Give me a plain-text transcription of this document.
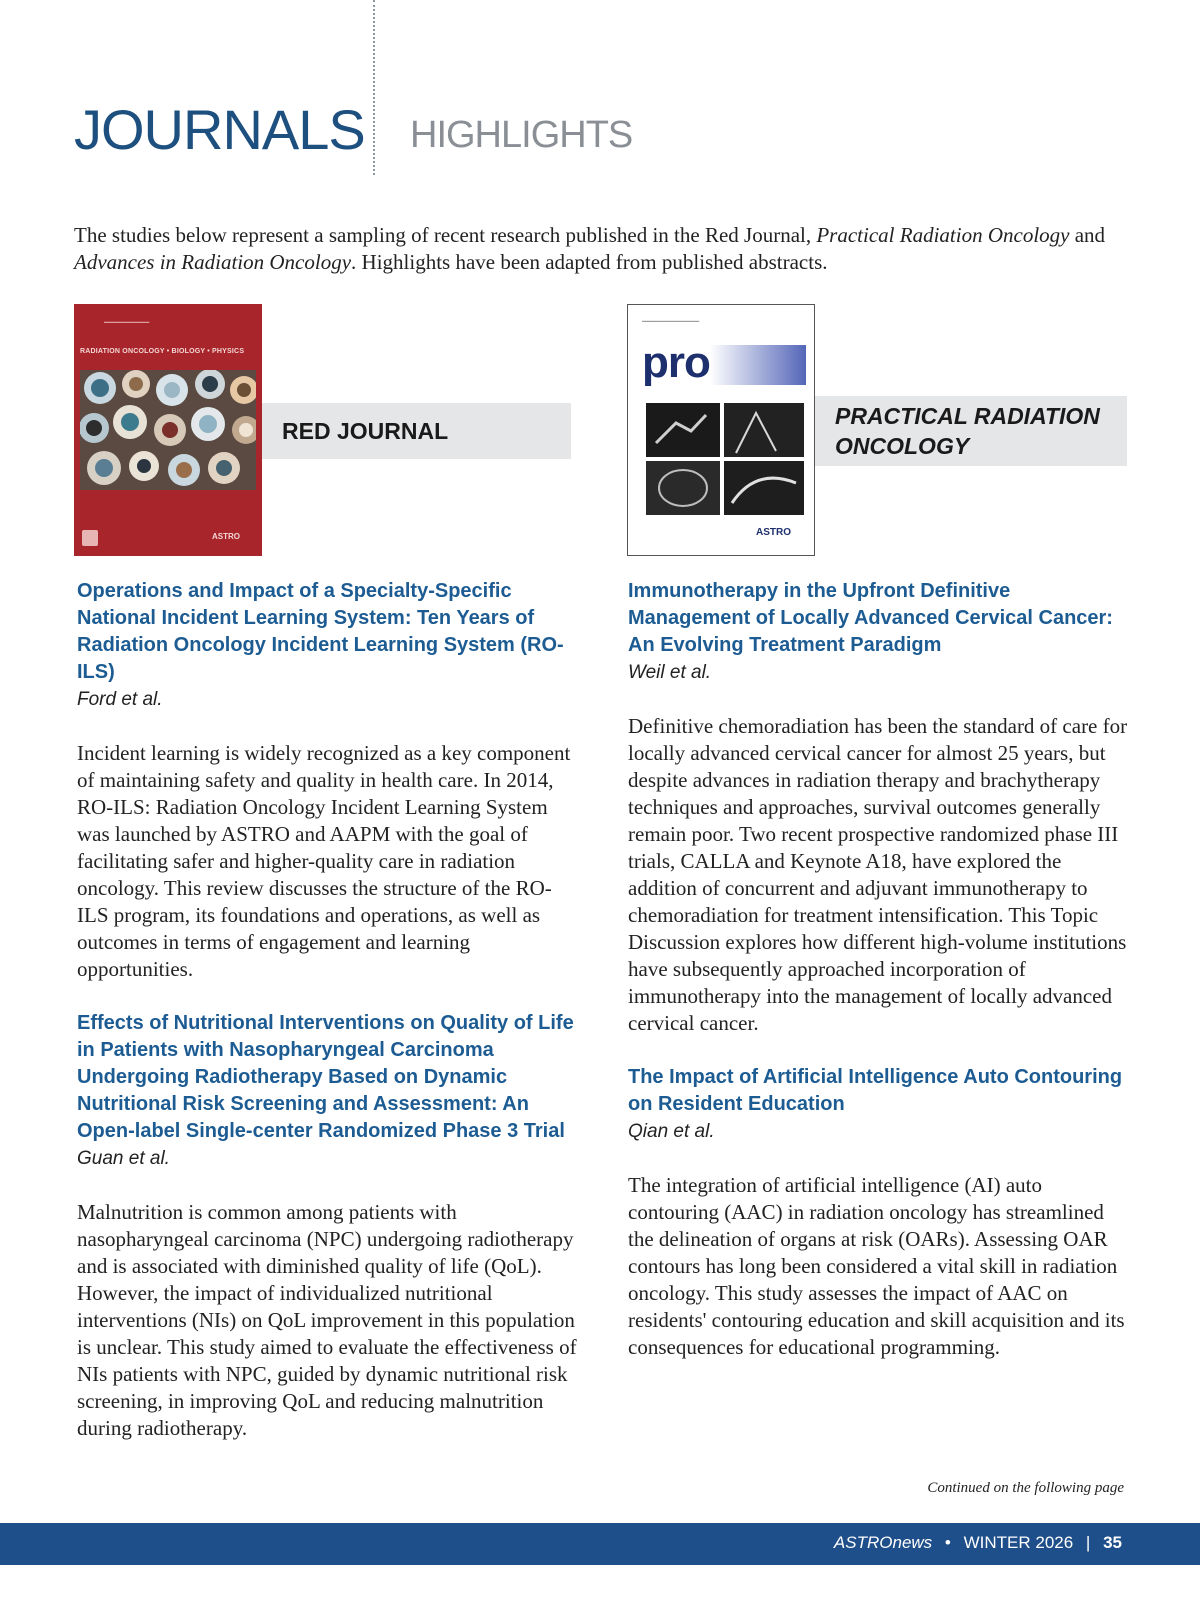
JOURNALS HIGHLIGHTS
The studies below represent a sampling of recent research published in the Red Journal, Practical Radiation Oncology and Advances in Radiation Oncology. Highlights have been adapted from published abstracts.
━━━━━━━━━━━━━━━
RADIATION ONCOLOGY • BIOLOGY • PHYSICS
ASTRO
RED JOURNAL
━━━━━━━━━━━━━━━━━━━
pro
ASTRO
PRACTICAL RADIATION ONCOLOGY

Operations and Impact of a Specialty-Specific National Incident Learning System: Ten Years of Radiation Oncology Incident Learning System (RO-ILS)

Ford et al.

Incident learning is widely recognized as a key component of maintaining safety and quality in health care. In 2014, RO-ILS: Radiation Oncology Incident Learning System was launched by ASTRO and AAPM with the goal of facilitating safer and higher-quality care in radiation oncology. This review discusses the structure of the RO-ILS program, its foundations and operations, as well as outcomes in terms of engagement and learning opportunities.

Effects of Nutritional Interventions on Quality of Life in Patients with Nasopharyngeal Carcinoma Undergoing Radiotherapy Based on Dynamic Nutritional Risk Screening and Assessment: An Open-label Single-center Randomized Phase 3 Trial

Guan et al.

Malnutrition is common among patients with nasopharyngeal carcinoma (NPC) undergoing radiotherapy and is associated with diminished quality of life (QoL). However, the impact of individualized nutritional interventions (NIs) on QoL improvement in this population is unclear. This study aimed to evaluate the effectiveness of NIs patients with NPC, guided by dynamic nutritional risk screening, in improving QoL and reducing malnutrition during radiotherapy.

Immunotherapy in the Upfront Definitive Management of Locally Advanced Cervical Cancer: An Evolving Treatment Paradigm

Weil et al.

Definitive chemoradiation has been the standard of care for locally advanced cervical cancer for almost 25 years, but despite advances in radiation therapy and brachytherapy techniques and approaches, survival outcomes generally remain poor. Two recent prospective randomized phase III trials, CALLA and Keynote A18, have explored the addition of concurrent and adjuvant immunotherapy to chemoradiation for treatment intensification. This Topic Discussion explores how different high-volume institutions have subsequently approached incorporation of immunotherapy into the management of locally advanced cervical cancer.

The Impact of Artificial Intelligence Auto Contouring on Resident Education

Qian et al.

The integration of artificial intelligence (AI) auto contouring (AAC) in radiation oncology has streamlined the delineation of organs at risk (OARs). Assessing OAR contours has long been considered a vital skill in radiation oncology. This study assesses the impact of AAC on residents' contouring education and skill acquisition and its consequences for educational programming.

Continued on the following page
ASTROnews • WINTER 2026 | 35
